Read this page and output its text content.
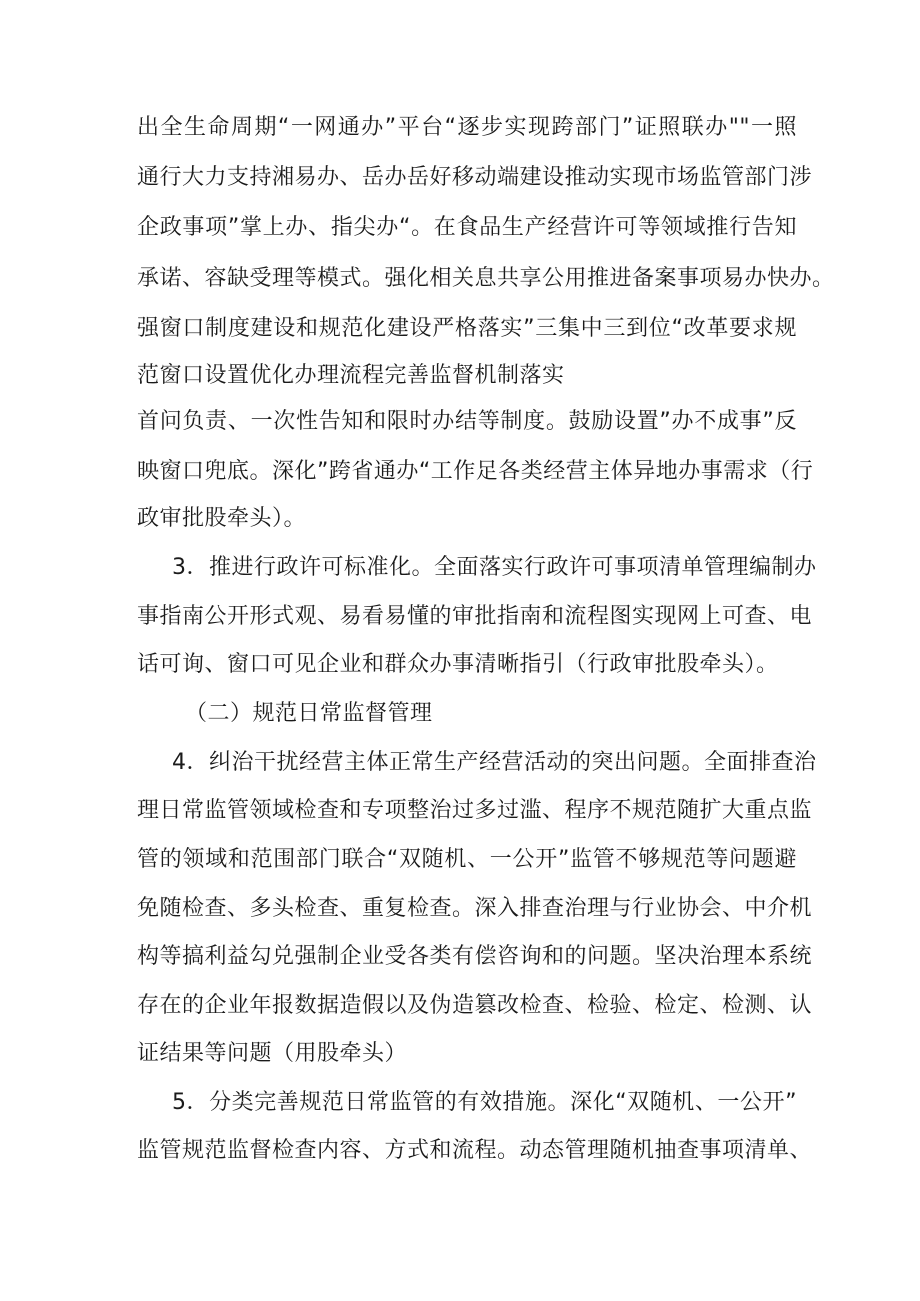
出全生命周期“一网通办”平台“逐步实现跨部门”证照联办""一照
通行大力支持湘易办、岳办岳好移动端建设推动实现市场监管部门涉
企政事项”掌上办、指尖办“。在食品生产经营许可等领域推行告知
承诺、容缺受理等模式。强化相关息共享公用推进备案事项易办快办。
强窗口制度建设和规范化建设严格落实”三集中三到位“改革要求规
范窗口设置优化办理流程完善监督机制落实
首问负责、一次性告知和限时办结等制度。鼓励设置”办不成事”反
映窗口兜底。深化”跨省通办“工作足各类经营主体异地办事需求（行
政审批股牵头）。
3．推进行政许可标准化。全面落实行政许可事项清单管理编制办
事指南公开形式观、易看易懂的审批指南和流程图实现网上可查、电
话可询、窗口可见企业和群众办事清晰指引（行政审批股牵头）。
（二）规范日常监督管理
4．纠治干扰经营主体正常生产经营活动的突出问题。全面排查治
理日常监管领域检查和专项整治过多过滥、程序不规范随扩大重点监
管的领域和范围部门联合“双随机、一公开”监管不够规范等问题避
免随检查、多头检查、重复检查。深入排查治理与行业协会、中介机
构等搞利益勾兑强制企业受各类有偿咨询和的问题。坚决治理本系统
存在的企业年报数据造假以及伪造篡改检查、检验、检定、检测、认
证结果等问题（用股牵头）
5．分类完善规范日常监管的有效措施。深化“双随机、一公开”
监管规范监督检查内容、方式和流程。动态管理随机抽查事项清单、
